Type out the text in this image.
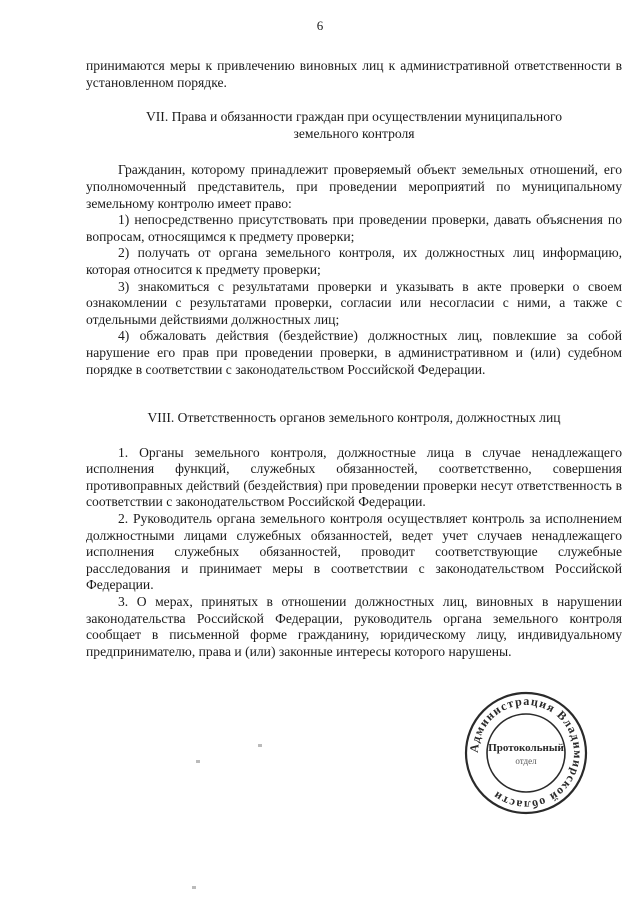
6

принимаются меры к привлечению виновных лиц к административной ответственности в установленном порядке.

VII. Права и обязанности граждан при осуществлении муниципального
земельного контроля

Гражданин, которому принадлежит проверяемый объект земельных отношений, его уполномоченный представитель, при проведении мероприятий по муниципальному земельному контролю имеет право:

1) непосредственно присутствовать при проведении проверки, давать объяснения по вопросам, относящимся к предмету проверки;

2) получать от органа земельного контроля, их должностных лиц информацию, которая относится к предмету проверки;

3) знакомиться с результатами проверки и указывать в акте проверки о своем ознакомлении с результатами проверки, согласии или несогласии с ними, а также с отдельными действиями должностных лиц;

4) обжаловать действия (бездействие) должностных лиц, повлекшие за собой нарушение его прав при проведении проверки, в административном и (или) судебном порядке в соответствии с законодательством Российской Федерации.

VIII. Ответственность органов земельного контроля, должностных лиц

1. Органы земельного контроля, должностные лица в случае ненадлежащего исполнения функций, служебных обязанностей, соответственно, совершения противоправных действий (бездействия) при проведении проверки несут ответственность в соответствии с законодательством Российской Федерации.

2. Руководитель органа земельного контроля осуществляет контроль за исполнением должностными лицами служебных обязанностей, ведет учет случаев ненадлежащего исполнения служебных обязанностей, проводит соответствующие служебные расследования и принимает меры в соответствии с законодательством Российской Федерации.

3. О мерах, принятых в отношении должностных лиц, виновных в нарушении законодательства Российской Федерации, руководитель органа земельного контроля сообщает в письменной форме гражданину, юридическому лицу, индивидуальному предпринимателю, права и (или) законные интересы которого нарушены.

Администрация Владимирской области
Протокольный
отдел
